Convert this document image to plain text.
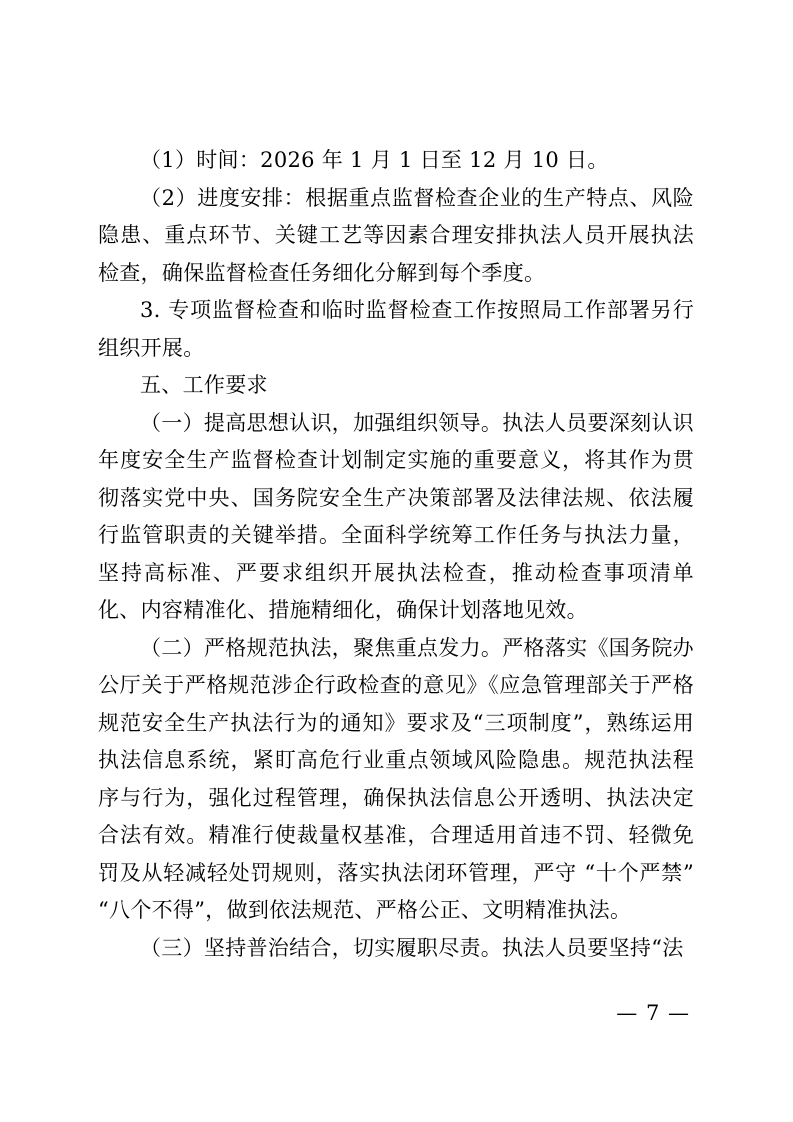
（1）时间：2026 年 1 月 1 日至 12 月 10 日。

（2）进度安排：根据重点监督检查企业的生产特点、风险隐患、重点环节、关键工艺等因素合理安排执法人员开展执法检查，确保监督检查任务细化分解到每个季度。

3. 专项监督检查和临时监督检查工作按照局工作部署另行组织开展。

五、工作要求

（一）提高思想认识，加强组织领导。执法人员要深刻认识年度安全生产监督检查计划制定实施的重要意义，将其作为贯彻落实党中央、国务院安全生产决策部署及法律法规、依法履行监管职责的关键举措。全面科学统筹工作任务与执法力量，坚持高标准、严要求组织开展执法检查，推动检查事项清单化、内容精准化、措施精细化，确保计划落地见效。

（二）严格规范执法，聚焦重点发力。严格落实《国务院办公厅关于严格规范涉企行政检查的意见》《应急管理部关于严格规范安全生产执法行为的通知》要求及“三项制度”，熟练运用执法信息系统，紧盯高危行业重点领域风险隐患。规范执法程序与行为，强化过程管理，确保执法信息公开透明、执法决定合法有效。精准行使裁量权基准，合理适用首违不罚、轻微免罚及从轻减轻处罚规则，落实执法闭环管理，严守 “十个严禁” “八个不得”，做到依法规范、严格公正、文明精准执法。

（三）坚持普治结合，切实履职尽责。执法人员要坚持“法

— 7 —
